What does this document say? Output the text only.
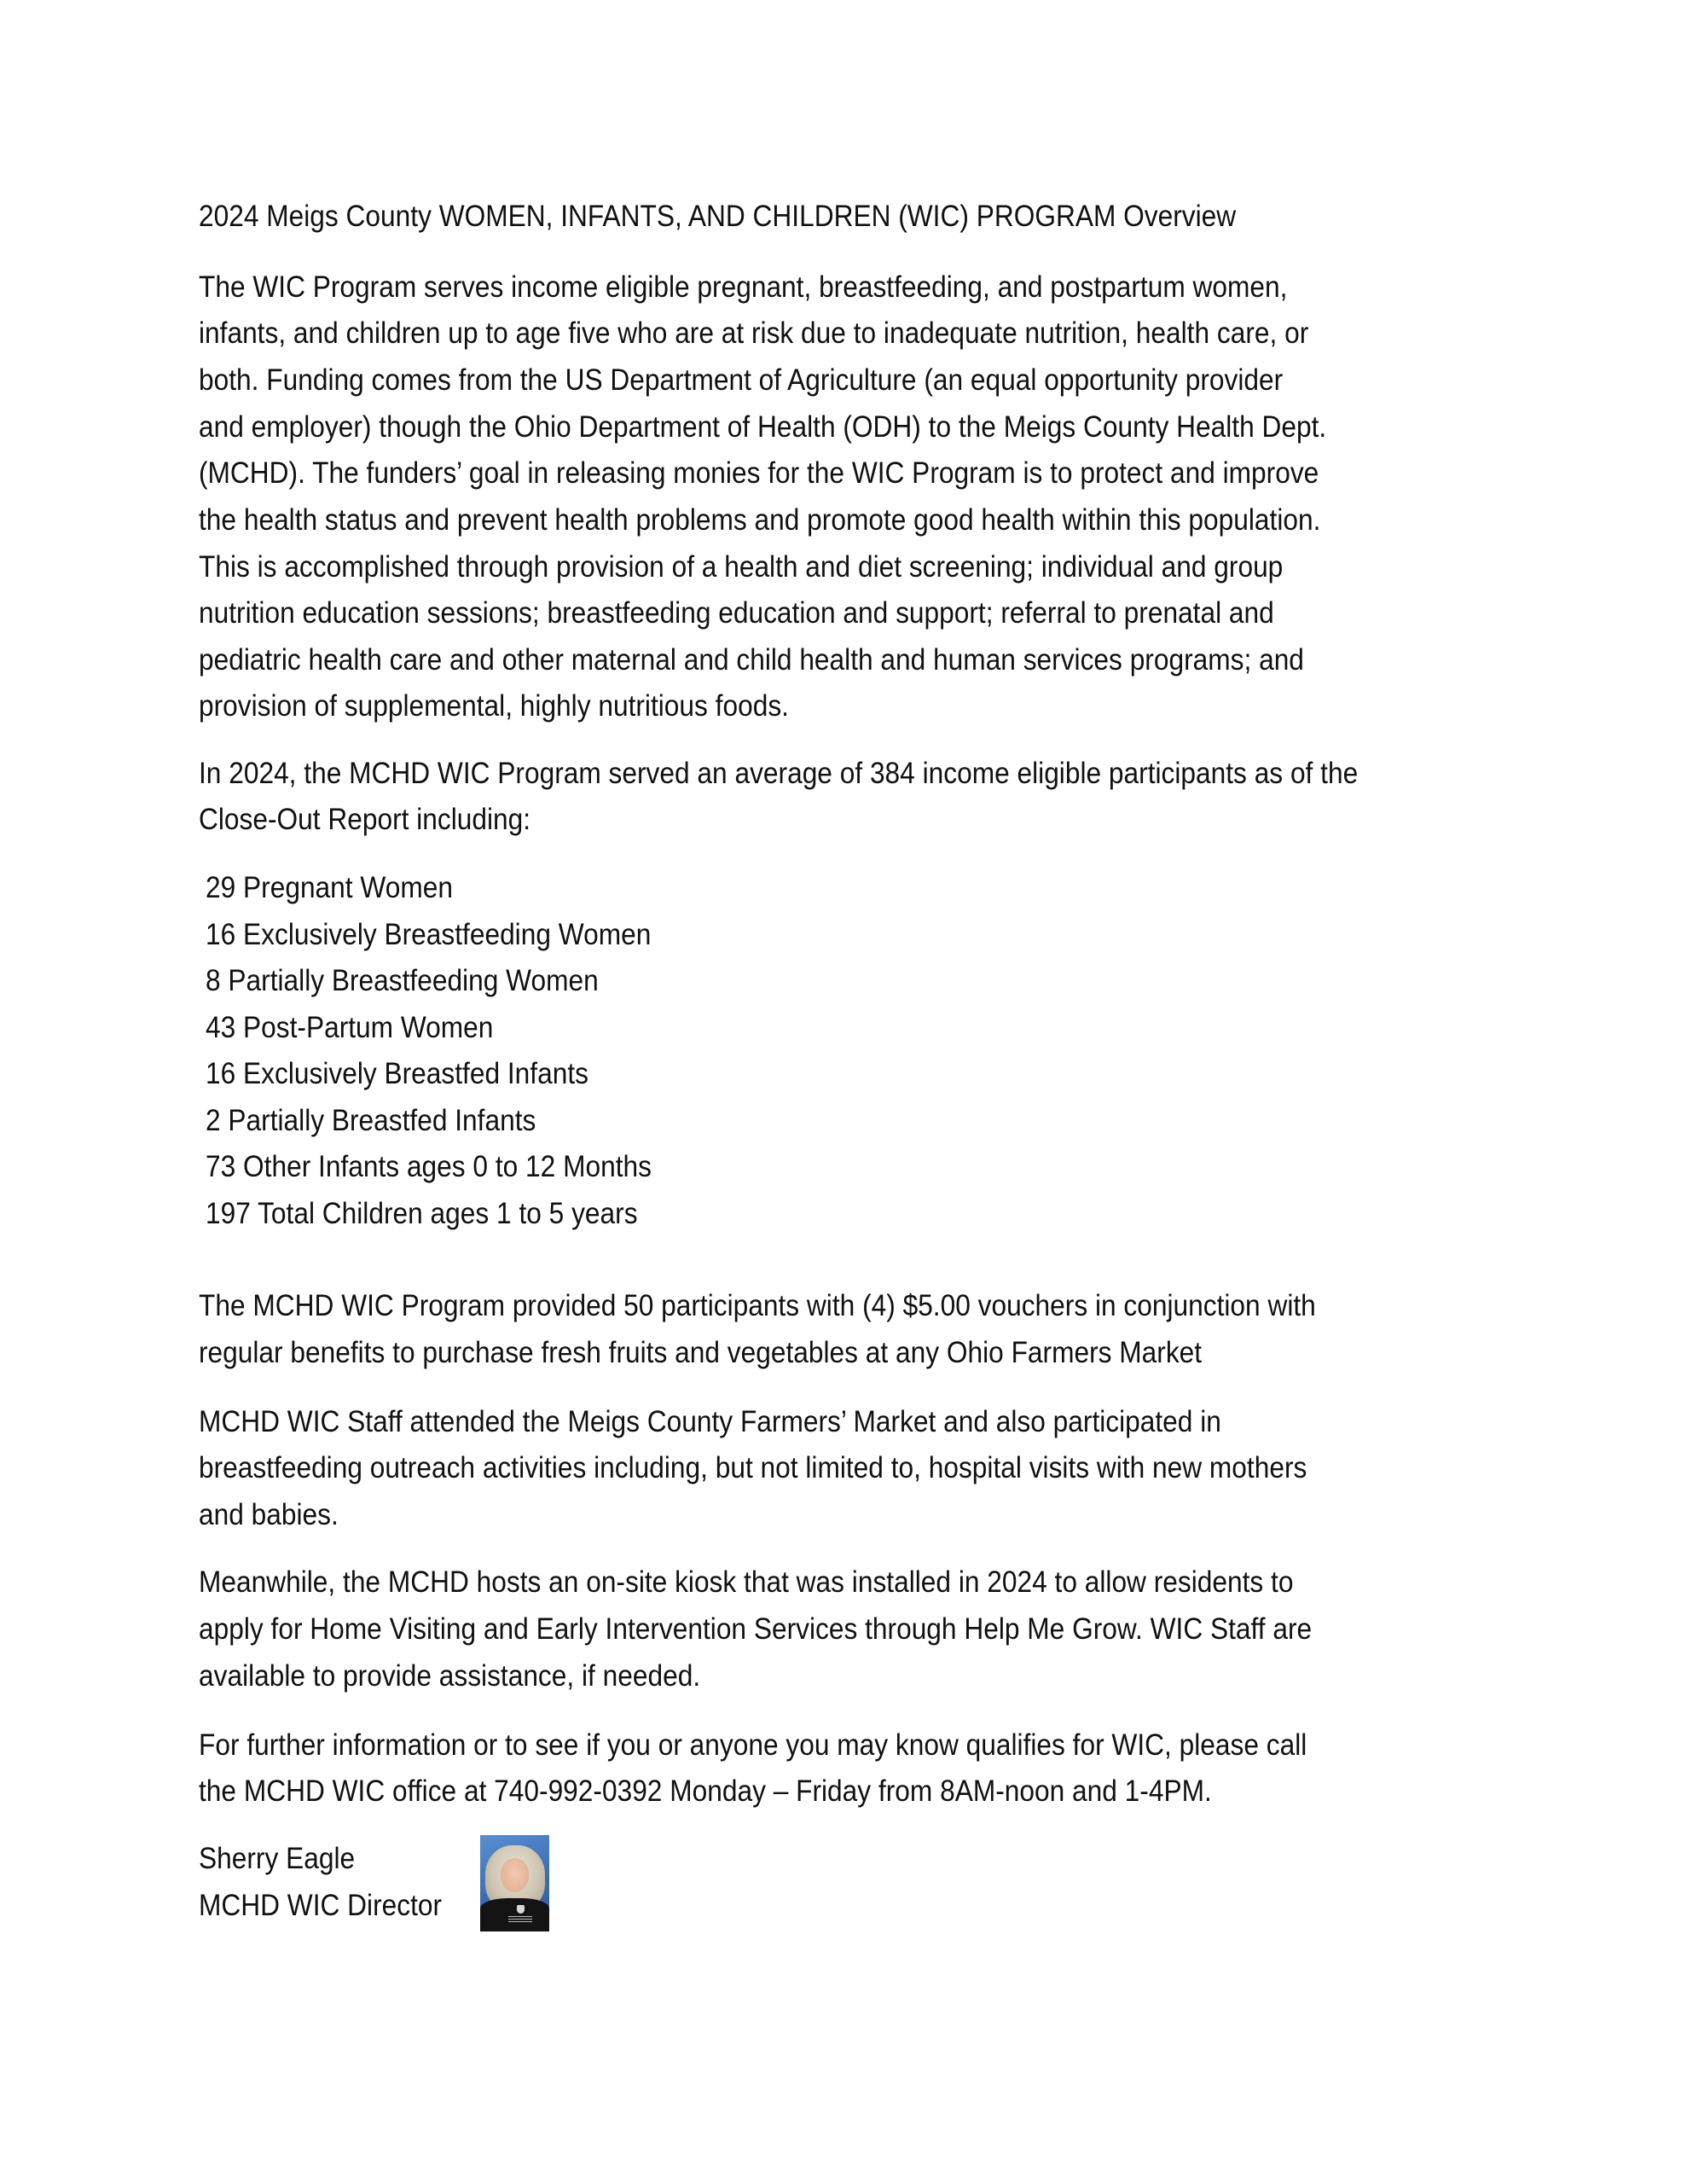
2024 Meigs County WOMEN, INFANTS, AND CHILDREN (WIC) PROGRAM Overview
The WIC Program serves income eligible pregnant, breastfeeding, and postpartum women,
infants, and children up to age five who are at risk due to inadequate nutrition, health care, or
both. Funding comes from the US Department of Agriculture (an equal opportunity provider
and employer) though the Ohio Department of Health (ODH) to the Meigs County Health Dept.
(MCHD). The funders’ goal in releasing monies for the WIC Program is to protect and improve
the health status and prevent health problems and promote good health within this population.
This is accomplished through provision of a health and diet screening; individual and group
nutrition education sessions; breastfeeding education and support; referral to prenatal and
pediatric health care and other maternal and child health and human services programs; and
provision of supplemental, highly nutritious foods.
In 2024, the MCHD WIC Program served an average of 384 income eligible participants as of the
Close-Out Report including:
29 Pregnant Women
16 Exclusively Breastfeeding Women
8 Partially Breastfeeding Women
43 Post-Partum Women
16 Exclusively Breastfed Infants
2 Partially Breastfed Infants
73 Other Infants ages 0 to 12 Months
197 Total Children ages 1 to 5 years
The MCHD WIC Program provided 50 participants with (4) $5.00 vouchers in conjunction with
regular benefits to purchase fresh fruits and vegetables at any Ohio Farmers Market
MCHD WIC Staff attended the Meigs County Farmers’ Market and also participated in
breastfeeding outreach activities including, but not limited to, hospital visits with new mothers
and babies.
Meanwhile, the MCHD hosts an on-site kiosk that was installed in 2024 to allow residents to
apply for Home Visiting and Early Intervention Services through Help Me Grow. WIC Staff are
available to provide assistance, if needed.
For further information or to see if you or anyone you may know qualifies for WIC, please call
the MCHD WIC office at 740-992-0392 Monday – Friday from 8AM-noon and 1-4PM.
Sherry Eagle
MCHD WIC Director
